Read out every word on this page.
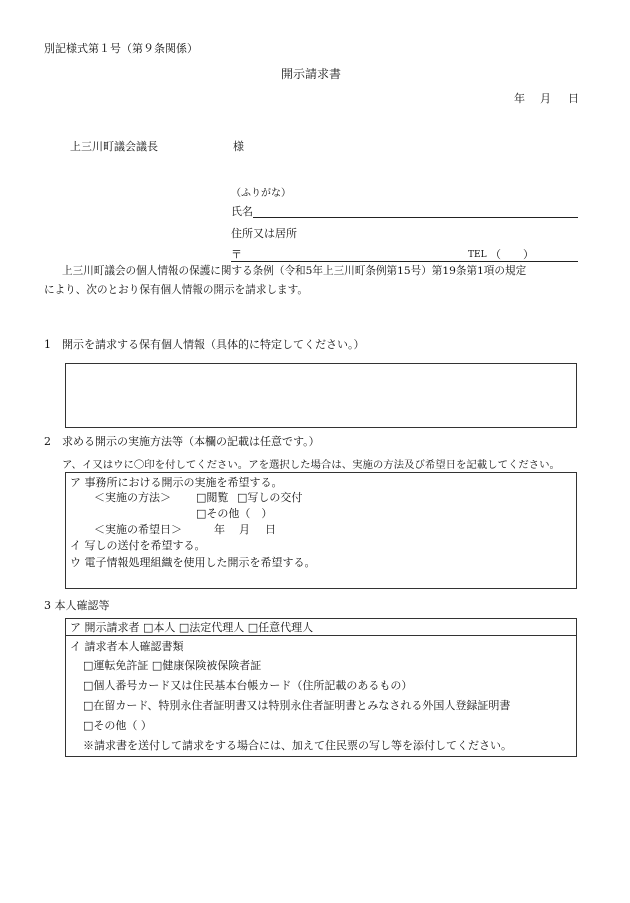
別記様式第１号（第９条関係）
開示請求書
年 月 日
上三川町議会議長	様
（ふりがな）
氏名
住所又は居所
〒	TEL （　　）
上三川町議会の個人情報の保護に関する条例（令和5年上三川町条例第15号）第19条第1項の規定
により、次のとおり保有個人情報の開示を請求します。
1　開示を請求する保有個人情報（具体的に特定してください。）
2　求める開示の実施方法等（本欄の記載は任意です。）
ア、イ又はウに〇印を付してください。アを選択した場合は、実施の方法及び希望日を記載してください。
ア 事務所における開示の実施を希望する。
＜実施の方法＞ □閲覧 □写しの交付
□その他（　）
＜実施の希望日＞	年 月 日
イ 写しの送付を希望する。
ウ 電子情報処理組織を使用した開示を希望する。
3 本人確認等
ア 開示請求者 □本人 □法定代理人 □任意代理人
イ 請求者本人確認書類
□運転免許証 □健康保険被保険者証
□個人番号カード又は住民基本台帳カード（住所記載のあるもの）
□在留カード、特別永住者証明書又は特別永住者証明書とみなされる外国人登録証明書
□その他（ ）
※請求書を送付して請求をする場合には、加えて住民票の写し等を添付してください。
